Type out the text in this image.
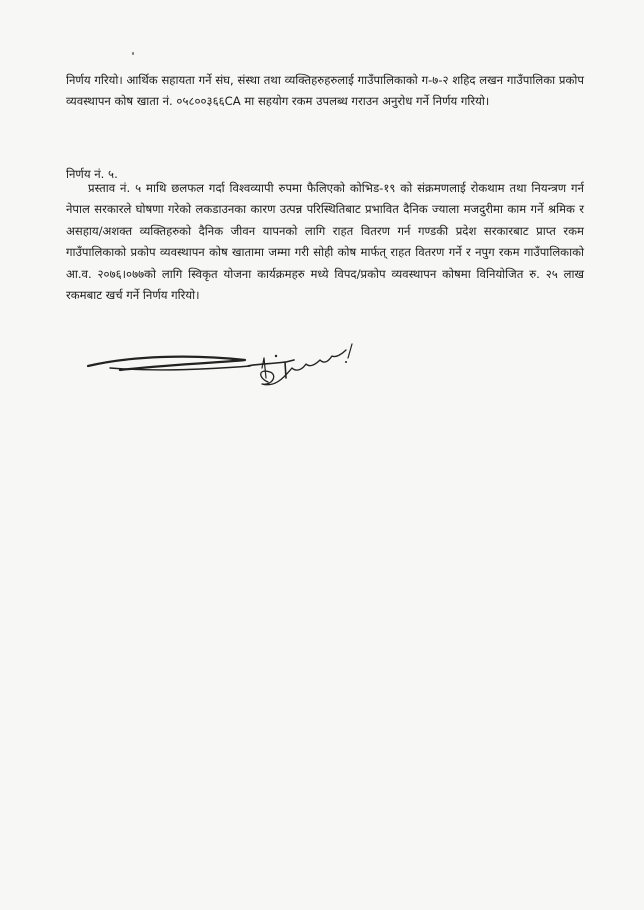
निर्णय गरियो। आर्थिक सहायता गर्ने संघ, संस्था तथा व्यक्तिहरुहरुलाई गाउँपालिकाको ग-७-२ शहिद लखन गाउँपालिका प्रकोप व्यवस्थापन कोष खाता नं. ०५८००३६६CA मा सहयोग रकम उपलब्ध गराउन अनुरोध गर्ने निर्णय गरियो।
निर्णय नं. ५.
प्रस्ताव नं. ५ माथि छलफल गर्दा विश्वव्यापी रुपमा फैलिएको कोभिड-१९ को संक्रमणलाई रोकथाम तथा नियन्त्रण गर्न नेपाल सरकारले घोषणा गरेको लकडाउनका कारण उत्पन्न परिस्थितिबाट प्रभावित दैनिक ज्याला मजदुरीमा काम गर्ने श्रमिक र असहाय/अशक्त व्यक्तिहरुको दैनिक जीवन यापनको लागि राहत वितरण गर्न गण्डकी प्रदेश सरकारबाट प्राप्त रकम गाउँपालिकाको प्रकोप व्यवस्थापन कोष खातामा जम्मा गरी सोही कोष मार्फत् राहत वितरण गर्ने र नपुग रकम गाउँपालिकाको आ.व. २०७६।०७७को लागि स्विकृत योजना कार्यक्रमहरु मध्ये विपद/प्रकोप व्यवस्थापन कोषमा विनियोजित रु. २५ लाख रकमबाट खर्च गर्ने निर्णय गरियो।
